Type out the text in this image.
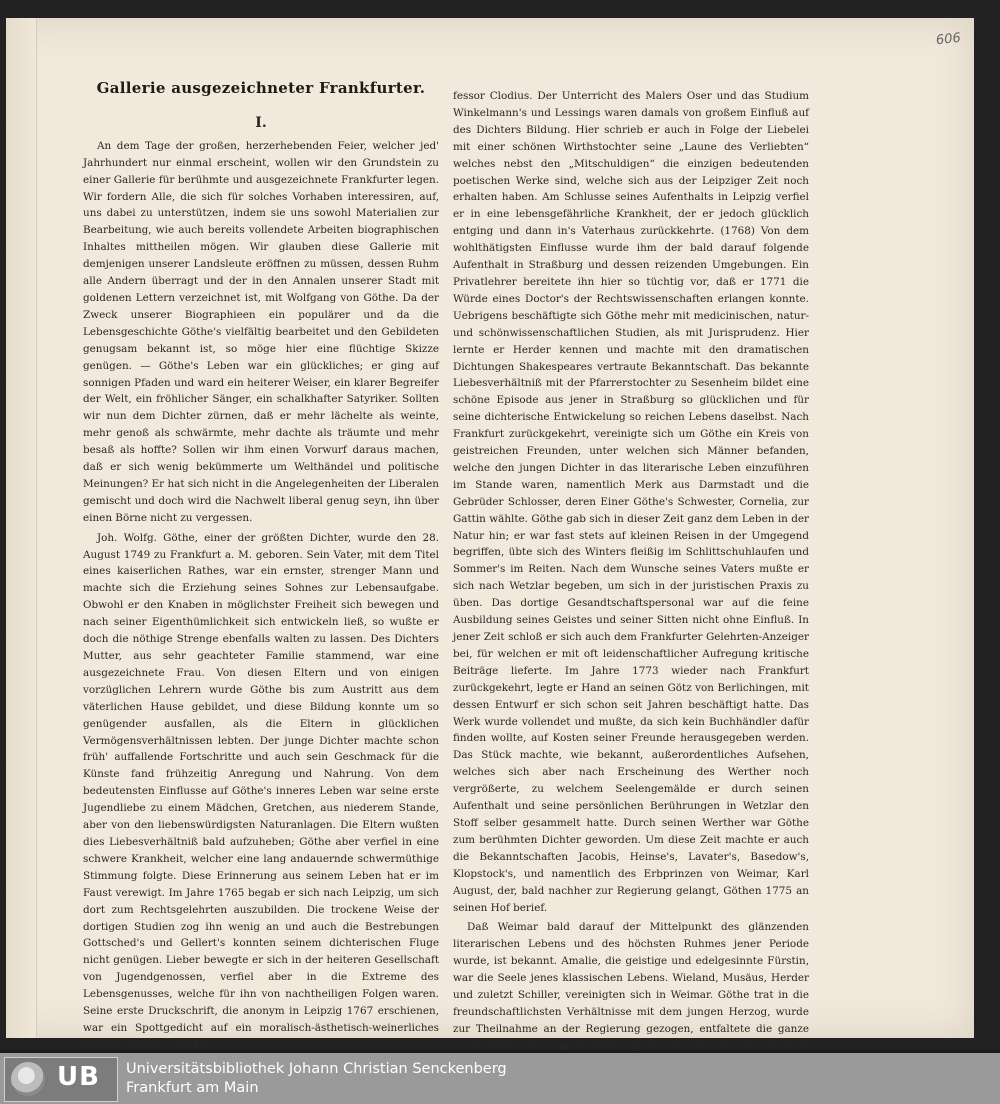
606
Gallerie ausgezeichneter Frankfurter.
I.

An dem Tage der großen, herzerhebenden Feier, welcher jed' Jahrhundert nur einmal erscheint, wollen wir den Grundstein zu einer Gallerie für berühmte und ausgezeichnete Frankfurter legen. Wir fordern Alle, die sich für solches Vorhaben interessiren, auf, uns dabei zu unterstützen, indem sie uns sowohl Materialien zur Bearbeitung, wie auch bereits vollendete Arbeiten biographischen Inhaltes mittheilen mögen. Wir glauben diese Gallerie mit demjenigen unserer Landsleute eröffnen zu müssen, dessen Ruhm alle Andern überragt und der in den Annalen unserer Stadt mit goldenen Lettern verzeichnet ist, mit Wolfgang von Göthe. Da der Zweck unserer Biographieen ein populärer und da die Lebensgeschichte Göthe's vielfältig bearbeitet und den Gebildeten genugsam bekannt ist, so möge hier eine flüchtige Skizze genügen. — Göthe's Leben war ein glückliches; er ging auf sonnigen Pfaden und ward ein heiterer Weiser, ein klarer Begreifer der Welt, ein fröhlicher Sänger, ein schalkhafter Satyriker. Sollten wir nun dem Dichter zürnen, daß er mehr lächelte als weinte, mehr genoß als schwärmte, mehr dachte als träumte und mehr besaß als hoffte? Sollen wir ihm einen Vorwurf daraus machen, daß er sich wenig bekümmerte um Welthändel und politische Meinungen? Er hat sich nicht in die Angelegenheiten der Liberalen gemischt und doch wird die Nachwelt liberal genug seyn, ihn über einen Börne nicht zu vergessen.

Joh. Wolfg. Göthe, einer der größten Dichter, wurde den 28. August 1749 zu Frankfurt a. M. geboren. Sein Vater, mit dem Titel eines kaiserlichen Rathes, war ein ernster, strenger Mann und machte sich die Erziehung seines Sohnes zur Lebensaufgabe. Obwohl er den Knaben in möglichster Freiheit sich bewegen und nach seiner Eigenthümlichkeit sich entwickeln ließ, so wußte er doch die nöthige Strenge ebenfalls walten zu lassen. Des Dichters Mutter, aus sehr geachteter Familie stammend, war eine ausgezeichnete Frau. Von diesen Eltern und von einigen vorzüglichen Lehrern wurde Göthe bis zum Austritt aus dem väterlichen Hause gebildet, und diese Bildung konnte um so genügender ausfallen, als die Eltern in glücklichen Vermögensverhältnissen lebten. Der junge Dichter machte schon früh' auffallende Fortschritte und auch sein Geschmack für die Künste fand frühzeitig Anregung und Nahrung. Von dem bedeutensten Einflusse auf Göthe's inneres Leben war seine erste Jugendliebe zu einem Mädchen, Gretchen, aus niederem Stande, aber von den liebenswürdigsten Naturanlagen. Die Eltern wußten dies Liebesverhältniß bald aufzuheben; Göthe aber verfiel in eine schwere Krankheit, welcher eine lang andauernde schwermüthige Stimmung folgte. Diese Erinnerung aus seinem Leben hat er im Faust verewigt. Im Jahre 1765 begab er sich nach Leipzig, um sich dort zum Rechtsgelehrten auszubilden. Die trockene Weise der dortigen Studien zog ihn wenig an und auch die Bestrebungen Gottsched's und Gellert's konnten seinem dichterischen Fluge nicht genügen. Lieber bewegte er sich in der heiteren Gesellschaft von Jugendgenossen, verfiel aber in die Extreme des Lebensgenusses, welche für ihn von nachtheiligen Folgen waren. Seine erste Druckschrift, die anonym in Leipzig 1767 erschienen, war ein Spottgedicht auf ein moralisch-ästhetisch-weinerliches Drama „Medon“ von Pro-

fessor Clodius. Der Unterricht des Malers Oser und das Studium Winkelmann's und Lessings waren damals von großem Einfluß auf des Dichters Bildung. Hier schrieb er auch in Folge der Liebelei mit einer schönen Wirthstochter seine „Laune des Verliebten“ welches nebst den „Mitschuldigen“ die einzigen bedeutenden poetischen Werke sind, welche sich aus der Leipziger Zeit noch erhalten haben. Am Schlusse seines Aufenthalts in Leipzig verfiel er in eine lebensgefährliche Krankheit, der er jedoch glücklich entging und dann in's Vaterhaus zurückkehrte. (1768) Von dem wohlthätigsten Einflusse wurde ihm der bald darauf folgende Aufenthalt in Straßburg und dessen reizenden Umgebungen. Ein Privatlehrer bereitete ihn hier so tüchtig vor, daß er 1771 die Würde eines Doctor's der Rechtswissenschaften erlangen konnte. Uebrigens beschäftigte sich Göthe mehr mit medicinischen, natur- und schönwissenschaftlichen Studien, als mit Jurisprudenz. Hier lernte er Herder kennen und machte mit den dramatischen Dichtungen Shakespeares vertraute Bekanntschaft. Das bekannte Liebesverhältniß mit der Pfarrerstochter zu Sesenheim bildet eine schöne Episode aus jener in Straßburg so glücklichen und für seine dichterische Entwickelung so reichen Lebens daselbst. Nach Frankfurt zurückgekehrt, vereinigte sich um Göthe ein Kreis von geistreichen Freunden, unter welchen sich Männer befanden, welche den jungen Dichter in das literarische Leben einzuführen im Stande waren, namentlich Merk aus Darmstadt und die Gebrüder Schlosser, deren Einer Göthe's Schwester, Cornelia, zur Gattin wählte. Göthe gab sich in dieser Zeit ganz dem Leben in der Natur hin; er war fast stets auf kleinen Reisen in der Umgegend begriffen, übte sich des Winters fleißig im Schlittschuhlaufen und Sommer's im Reiten. Nach dem Wunsche seines Vaters mußte er sich nach Wetzlar begeben, um sich in der juristischen Praxis zu üben. Das dortige Gesandtschaftspersonal war auf die feine Ausbildung seines Geistes und seiner Sitten nicht ohne Einfluß. In jener Zeit schloß er sich auch dem Frankfurter Gelehrten-Anzeiger bei, für welchen er mit oft leidenschaftlicher Aufregung kritische Beiträge lieferte. Im Jahre 1773 wieder nach Frankfurt zurückgekehrt, legte er Hand an seinen Götz von Berlichingen, mit dessen Entwurf er sich schon seit Jahren beschäftigt hatte. Das Werk wurde vollendet und mußte, da sich kein Buchhändler dafür finden wollte, auf Kosten seiner Freunde herausgegeben werden. Das Stück machte, wie bekannt, außerordentliches Aufsehen, welches sich aber nach Erscheinung des Werther noch vergrößerte, zu welchem Seelengemälde er durch seinen Aufenthalt und seine persönlichen Berührungen in Wetzlar den Stoff selber gesammelt hatte. Durch seinen Werther war Göthe zum berühmten Dichter geworden. Um diese Zeit machte er auch die Bekanntschaften Jacobis, Heinse's, Lavater's, Basedow's, Klopstock's, und namentlich des Erbprinzen von Weimar, Karl August, der, bald nachher zur Regierung gelangt, Göthen 1775 an seinen Hof berief.

Daß Weimar bald darauf der Mittelpunkt des glänzenden literarischen Lebens und des höchsten Ruhmes jener Periode wurde, ist bekannt. Amalie, die geistige und edelgesinnte Fürstin, war die Seele jenes klassischen Lebens. Wieland, Musäus, Herder und zuletzt Schiller, vereinigten sich in Weimar. Göthe trat in die freundschaftlichsten Verhältnisse mit dem jungen Herzog, wurde zur Theilnahme an der Regierung gezogen, entfaltete die ganze Kraft, Fülle und Anmuth seines großen Geistes, und wurde nicht

UB Universitätsbibliothek Johann Christian Senckenberg
Frankfurt am Main
